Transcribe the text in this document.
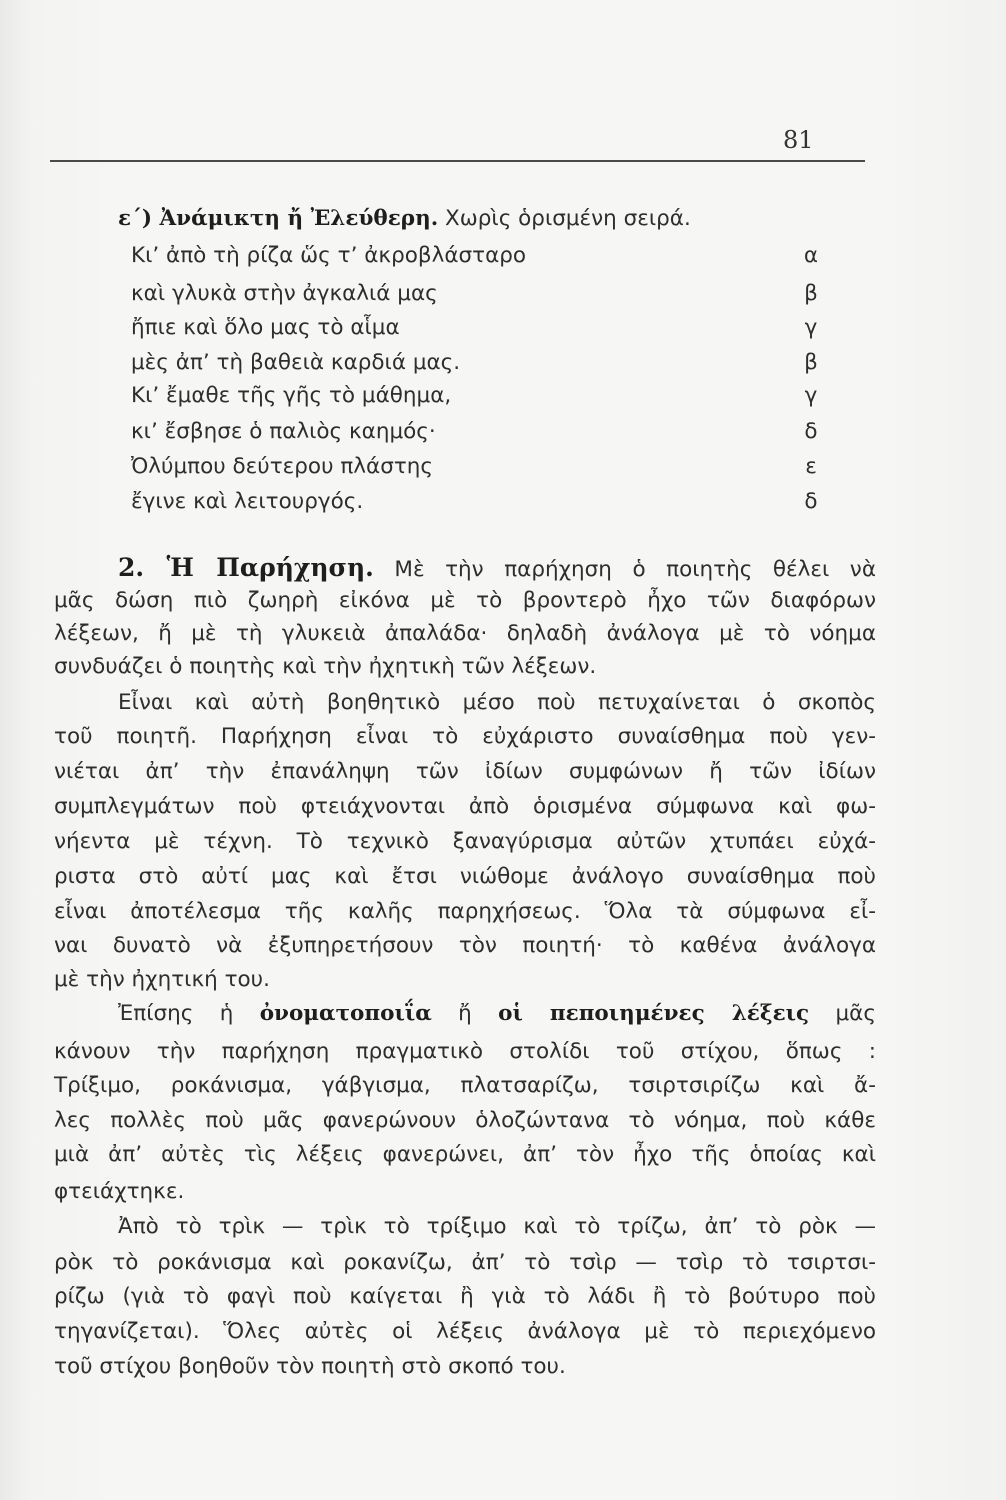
81
ε΄) Ἀνάμικτη ἤ Ἐλεύθερη. Χωρὶς ὁρισμένη σειρά.
Κι’ ἀπὸ τὴ ρίζα ὥς τ’ ἀκροβλάσταρο	α
καὶ γλυκὰ στὴν ἀγκαλιά μας	β
ἤπιε καὶ ὅλο μας τὸ αἷμα	γ
μὲς ἀπ’ τὴ βαθειὰ καρδιά μας.	β
Κι’ ἔμαθε τῆς γῆς τὸ μάθημα,	γ
κι’ ἔσβησε ὁ παλιὸς καημός·	δ
Ὀλύμπου δεύτερου πλάστης	ε
ἔγινε καὶ λειτουργός.	δ
2. Ἡ Παρήχηση. Μὲ τὴν παρήχηση ὁ ποιητὴς θέλει νὰ
μᾶς δώση πιὸ ζωηρὴ εἰκόνα μὲ τὸ βροντερὸ ἦχο τῶν διαφόρων
λέξεων, ἤ μὲ τὴ γλυκειὰ ἀπαλάδα· δηλαδὴ ἀνάλογα μὲ τὸ νόημα
συνδυάζει ὁ ποιητὴς καὶ τὴν ἠχητικὴ τῶν λέξεων.
Εἶναι καὶ αὐτὴ βοηθητικὸ μέσο ποὺ πετυχαίνεται ὁ σκοπὸς
τοῦ ποιητῆ. Παρήχηση εἶναι τὸ εὐχάριστο συναίσθημα ποὺ γεν-
νιέται ἀπ’ τὴν ἐπανάληψη τῶν ἰδίων συμφώνων ἤ τῶν ἰδίων
συμπλεγμάτων ποὺ φτειάχνονται ἀπὸ ὁρισμένα σύμφωνα καὶ φω-
νήεντα μὲ τέχνη. Τὸ τεχνικὸ ξαναγύρισμα αὐτῶν χτυπάει εὐχά-
ριστα στὸ αὐτί μας καὶ ἔτσι νιώθομε ἀνάλογο συναίσθημα ποὺ
εἶναι ἀποτέλεσμα τῆς καλῆς παρηχήσεως. Ὅλα τὰ σύμφωνα εἶ-
ναι δυνατὸ νὰ ἐξυπηρετήσουν τὸν ποιητή· τὸ καθένα ἀνάλογα
μὲ τὴν ἠχητική του.
Ἐπίσης ἡ ὀνοματοποιΐα ἤ οἱ πεποιημένες λέξεις μᾶς
κάνουν τὴν παρήχηση πραγματικὸ στολίδι τοῦ στίχου, ὅπως :
Τρίξιμο, ροκάνισμα, γάβγισμα, πλατσαρίζω, τσιρτσιρίζω καὶ ἄ-
λες πολλὲς ποὺ μᾶς φανερώνουν ὁλοζώντανα τὸ νόημα, ποὺ κάθε
μιὰ ἀπ’ αὐτὲς τὶς λέξεις φανερώνει, ἀπ’ τὸν ἦχο τῆς ὁποίας καὶ
φτειάχτηκε.
Ἀπὸ τὸ τρὶκ — τρὶκ τὸ τρίξιμο καὶ τὸ τρίζω, ἀπ’ τὸ ρὸκ —
ρὸκ τὸ ροκάνισμα καὶ ροκανίζω, ἀπ’ τὸ τσὶρ — τσὶρ τὸ τσιρτσι-
ρίζω (γιὰ τὸ φαγὶ ποὺ καίγεται ἢ γιὰ τὸ λάδι ἢ τὸ βούτυρο ποὺ
τηγανίζεται). Ὅλες αὐτὲς οἱ λέξεις ἀνάλογα μὲ τὸ περιεχόμενο
τοῦ στίχου βοηθοῦν τὸν ποιητὴ στὸ σκοπό του.
